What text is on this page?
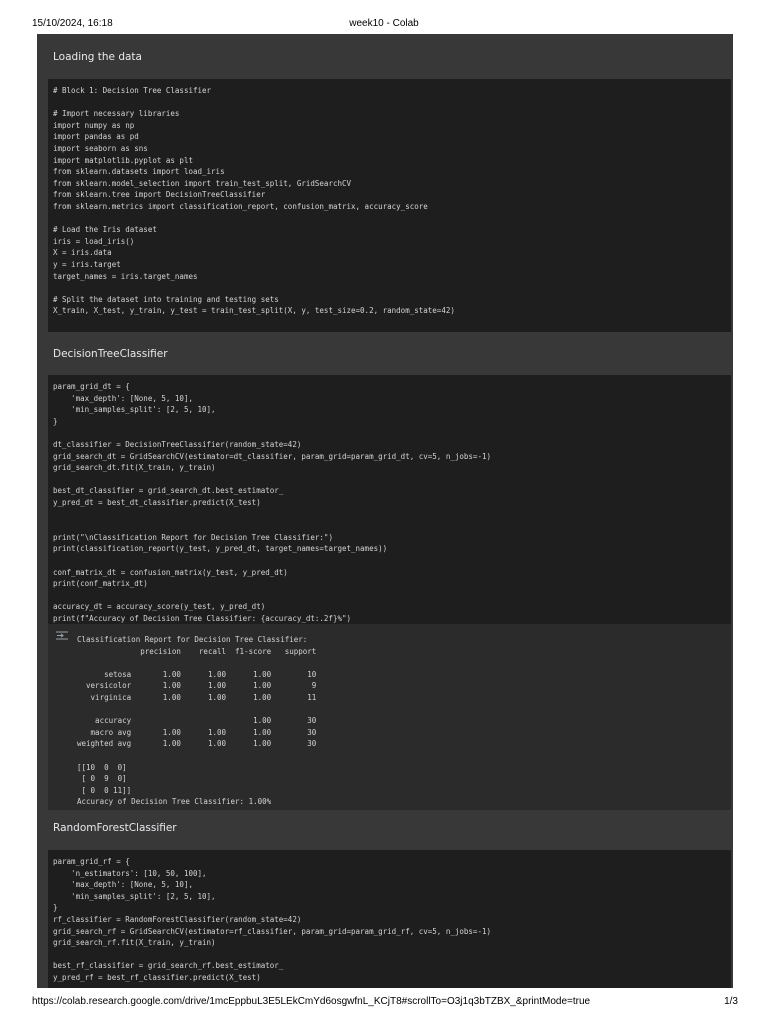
15/10/2024, 16:18	week10 - Colab
Loading the data
# Block 1: Decision Tree Classifier

# Import necessary libraries
import numpy as np
import pandas as pd
import seaborn as sns
import matplotlib.pyplot as plt
from sklearn.datasets import load_iris
from sklearn.model_selection import train_test_split, GridSearchCV
from sklearn.tree import DecisionTreeClassifier
from sklearn.metrics import classification_report, confusion_matrix, accuracy_score

# Load the Iris dataset
iris = load_iris()
X = iris.data
y = iris.target
target_names = iris.target_names

# Split the dataset into training and testing sets
X_train, X_test, y_train, y_test = train_test_split(X, y, test_size=0.2, random_state=42)
DecisionTreeClassifier
param_grid_dt = {
'max_depth': [None, 5, 10],
'min_samples_split': [2, 5, 10],
}

dt_classifier = DecisionTreeClassifier(random_state=42)
grid_search_dt = GridSearchCV(estimator=dt_classifier, param_grid=param_grid_dt, cv=5, n_jobs=-1)
grid_search_dt.fit(X_train, y_train)

best_dt_classifier = grid_search_dt.best_estimator_
y_pred_dt = best_dt_classifier.predict(X_test)

print("\nClassification Report for Decision Tree Classifier:")
print(classification_report(y_test, y_pred_dt, target_names=target_names))

conf_matrix_dt = confusion_matrix(y_test, y_pred_dt)
print(conf_matrix_dt)

accuracy_dt = accuracy_score(y_test, y_pred_dt)
print(f"Accuracy of Decision Tree Classifier: {accuracy_dt:.2f}%")
Classification Report for Decision Tree Classifier:
precision    recall  f1-score   support

setosa       1.00      1.00      1.00        10
versicolor       1.00      1.00      1.00         9
virginica       1.00      1.00      1.00        11

accuracy                           1.00        30
macro avg       1.00      1.00      1.00        30
weighted avg       1.00      1.00      1.00        30

[[10  0  0]
[ 0  9  0]
[ 0  0 11]]
Accuracy of Decision Tree Classifier: 1.00%
RandomForestClassifier
param_grid_rf = {
'n_estimators': [10, 50, 100],
'max_depth': [None, 5, 10],
'min_samples_split': [2, 5, 10],
}
rf_classifier = RandomForestClassifier(random_state=42)
grid_search_rf = GridSearchCV(estimator=rf_classifier, param_grid=param_grid_rf, cv=5, n_jobs=-1)
grid_search_rf.fit(X_train, y_train)

best_rf_classifier = grid_search_rf.best_estimator_
y_pred_rf = best_rf_classifier.predict(X_test)
https://colab.research.google.com/drive/1mcEppbuL3E5LEkCmYd6osgwfnL_KCjT8#scrollTo=O3j1q3bTZBX_&printMode=true	1/3
